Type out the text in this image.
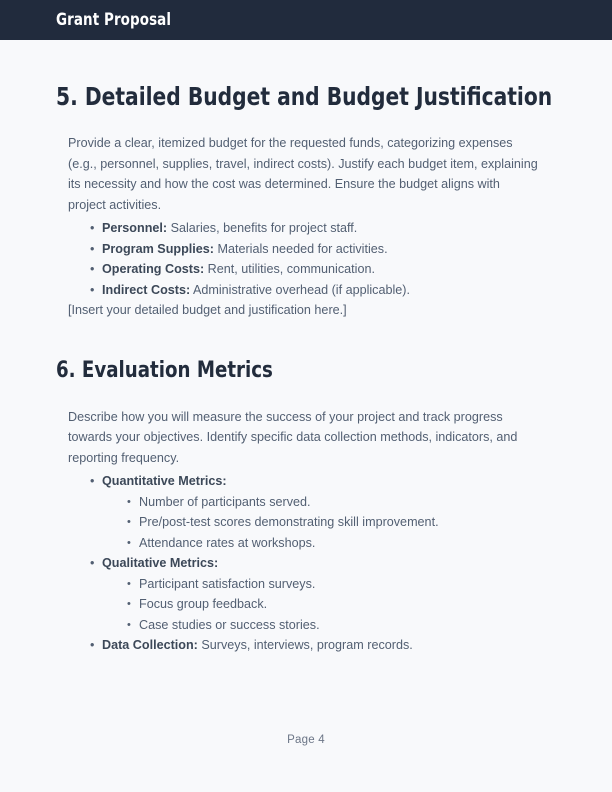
Grant Proposal
5. Detailed Budget and Budget Justification

Provide a clear, itemized budget for the requested funds, categorizing expenses (e.g., personnel, supplies, travel, indirect costs). Justify each budget item, explaining its necessity and how the cost was determined. Ensure the budget aligns with project activities.

• Personnel: Salaries, benefits for project staff.
• Program Supplies: Materials needed for activities.
• Operating Costs: Rent, utilities, communication.
• Indirect Costs: Administrative overhead (if applicable).

[Insert your detailed budget and justification here.]

6. Evaluation Metrics

Describe how you will measure the success of your project and track progress towards your objectives. Identify specific data collection methods, indicators, and reporting frequency.

• Quantitative Metrics:
• Number of participants served.
• Pre/post-test scores demonstrating skill improvement.
• Attendance rates at workshops.
• Qualitative Metrics:
• Participant satisfaction surveys.
• Focus group feedback.
• Case studies or success stories.
• Data Collection: Surveys, interviews, program records.
Page 4
